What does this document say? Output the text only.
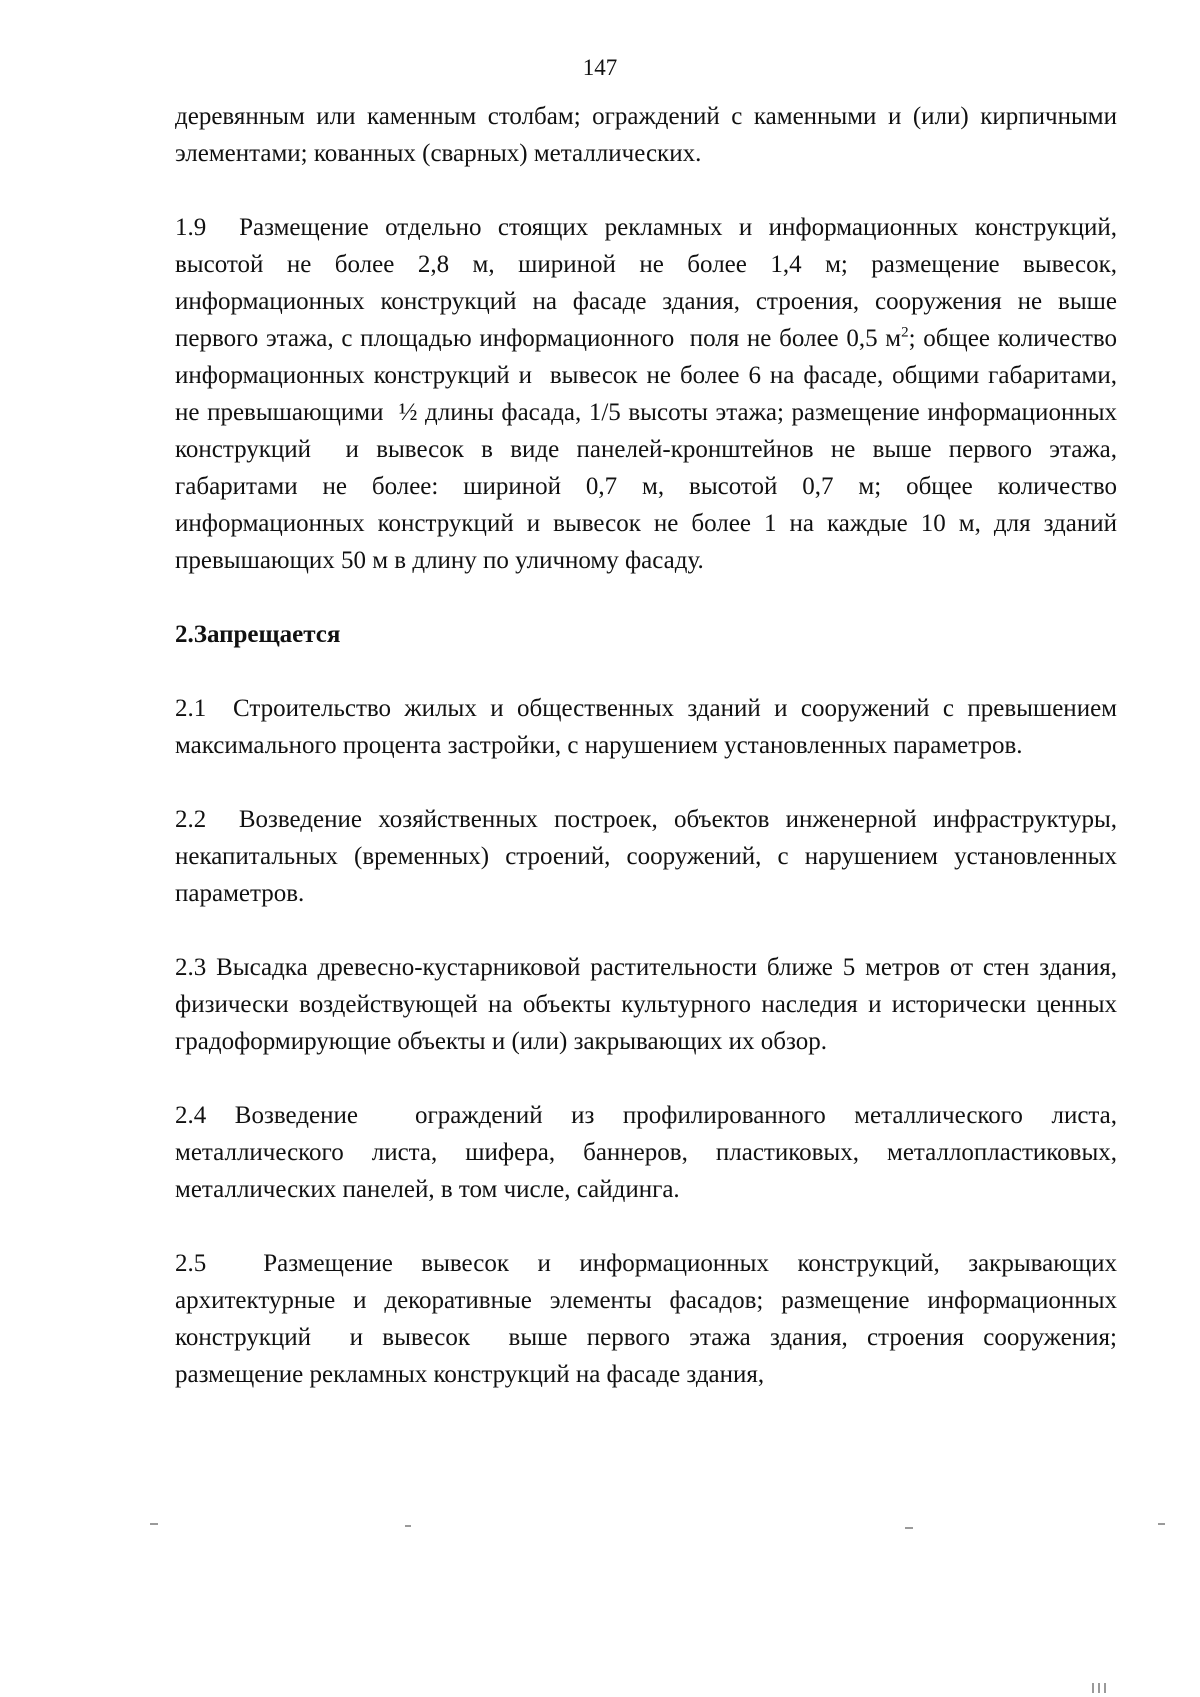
147

деревянным или каменным столбам; ограждений с каменными и (или) кирпичными элементами; кованных (сварных) металлических.

1.9  Размещение отдельно стоящих рекламных и информационных конструкций, высотой не более 2,8 м, шириной не более 1,4 м; размещение вывесок, информационных конструкций на фасаде здания, строения, сооружения не выше первого этажа, с площадью информационного  поля не более 0,5 $м^2$; общее количество информационных конструкций и  вывесок не более 6 на фасаде, общими габаритами, не превышающими  ½ длины фасада, 1/5 высоты этажа; размещение информационных конструкций  и вывесок в виде панелей-кронштейнов не выше первого этажа, габаритами не более: шириной 0,7 м, высотой 0,7 м; общее количество информационных конструкций и вывесок не более 1 на каждые 10 м, для зданий превышающих 50 м в длину по уличному фасаду.

2.Запрещается

2.1  Строительство жилых и общественных зданий и сооружений с превышением максимального процента застройки, с нарушением установленных параметров.

2.2  Возведение хозяйственных построек, объектов инженерной инфраструктуры, некапитальных (временных) строений, сооружений, с нарушением установленных параметров.

2.3 Высадка древесно-кустарниковой растительности ближе 5 метров от стен здания, физически воздействующей на объекты культурного наследия и исторически ценных градоформирующие объекты и (или) закрывающих их обзор.

2.4 Возведение  ограждений из профилированного металлического листа, металлического листа, шифера, баннеров, пластиковых, металлопластиковых, металлических панелей, в том числе, сайдинга.

2.5  Размещение вывесок и информационных конструкций, закрывающих архитектурные и декоративные элементы фасадов; размещение информационных конструкций  и вывесок  выше первого этажа здания, строения сооружения; размещение рекламных конструкций на фасаде здания,
